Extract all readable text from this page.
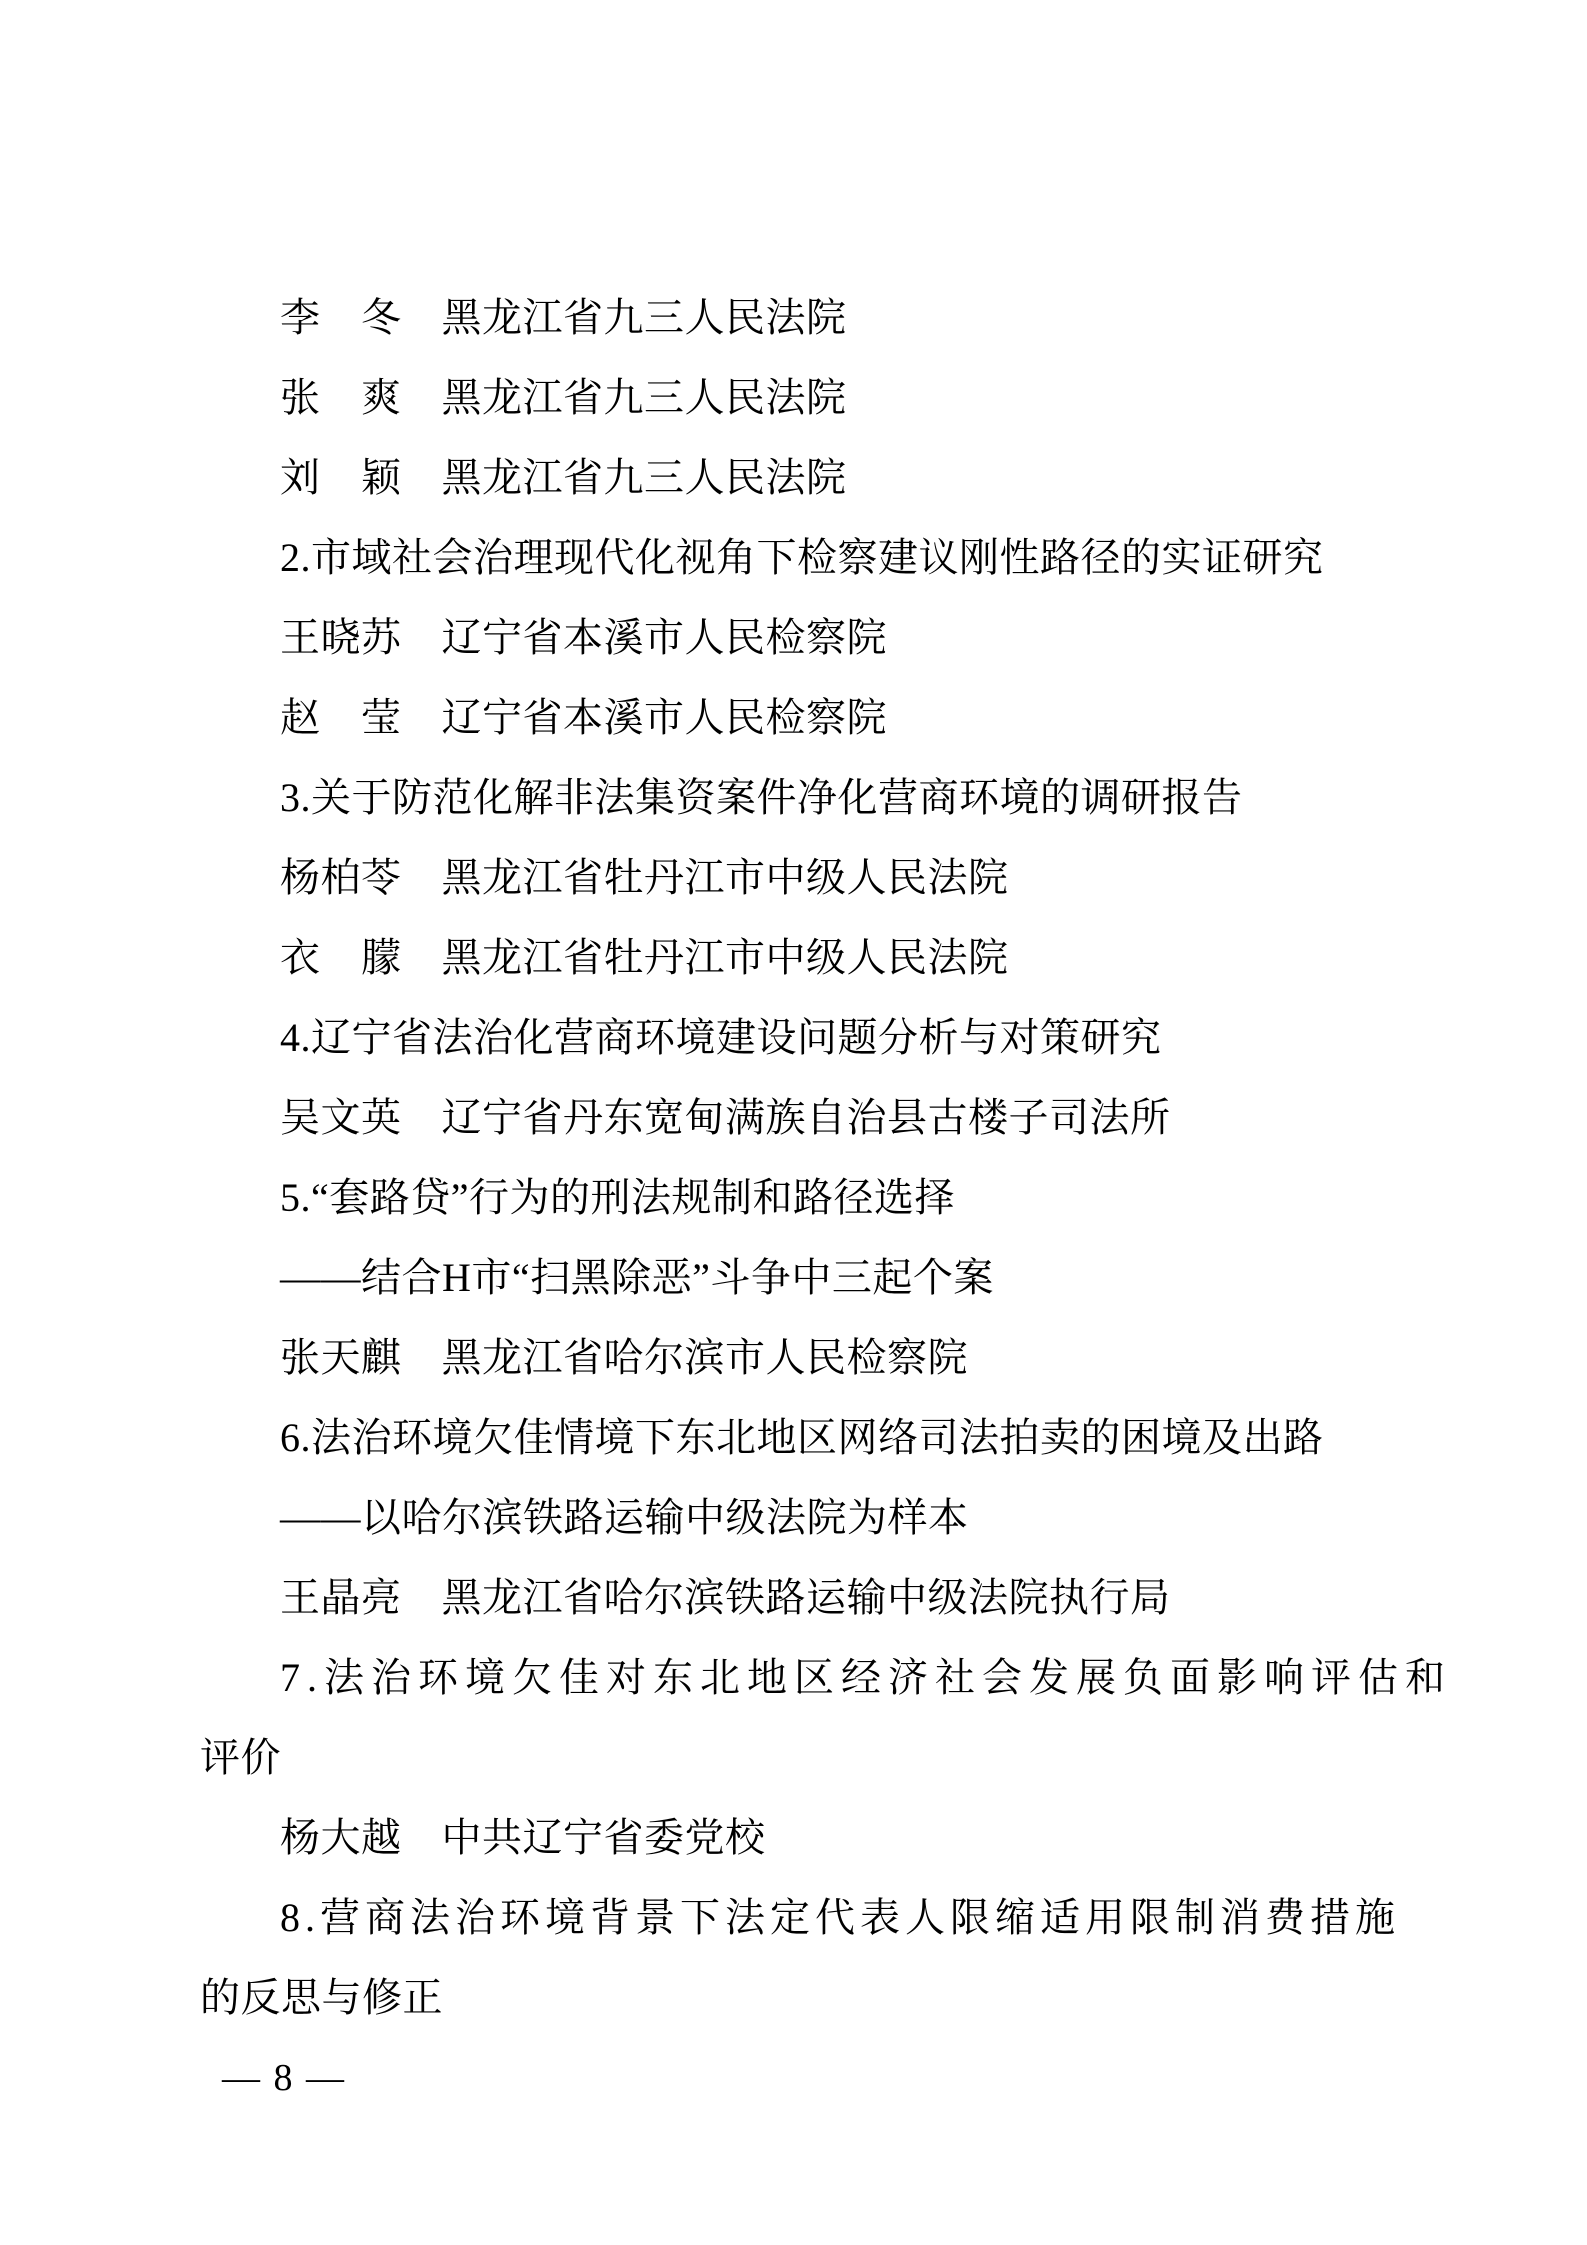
李　冬 黑龙江省九三人民法院
张　爽 黑龙江省九三人民法院
刘　颖 黑龙江省九三人民法院
2.市域社会治理现代化视角下检察建议刚性路径的实证研究
王晓苏 辽宁省本溪市人民检察院
赵　莹 辽宁省本溪市人民检察院
3.关于防范化解非法集资案件净化营商环境的调研报告
杨柏苓 黑龙江省牡丹江市中级人民法院
衣　朦 黑龙江省牡丹江市中级人民法院
4.辽宁省法治化营商环境建设问题分析与对策研究
吴文英 辽宁省丹东宽甸满族自治县古楼子司法所
5.“套路贷”行为的刑法规制和路径选择
——结合H市“扫黑除恶”斗争中三起个案
张天麒 黑龙江省哈尔滨市人民检察院
6.法治环境欠佳情境下东北地区网络司法拍卖的困境及出路
——以哈尔滨铁路运输中级法院为样本
王晶亮 黑龙江省哈尔滨铁路运输中级法院执行局
7.法治环境欠佳对东北地区经济社会发展负面影响评估和
评价
杨大越 中共辽宁省委党校
8.营商法治环境背景下法定代表人限缩适用限制消费措施
的反思与修正
— 8 —
